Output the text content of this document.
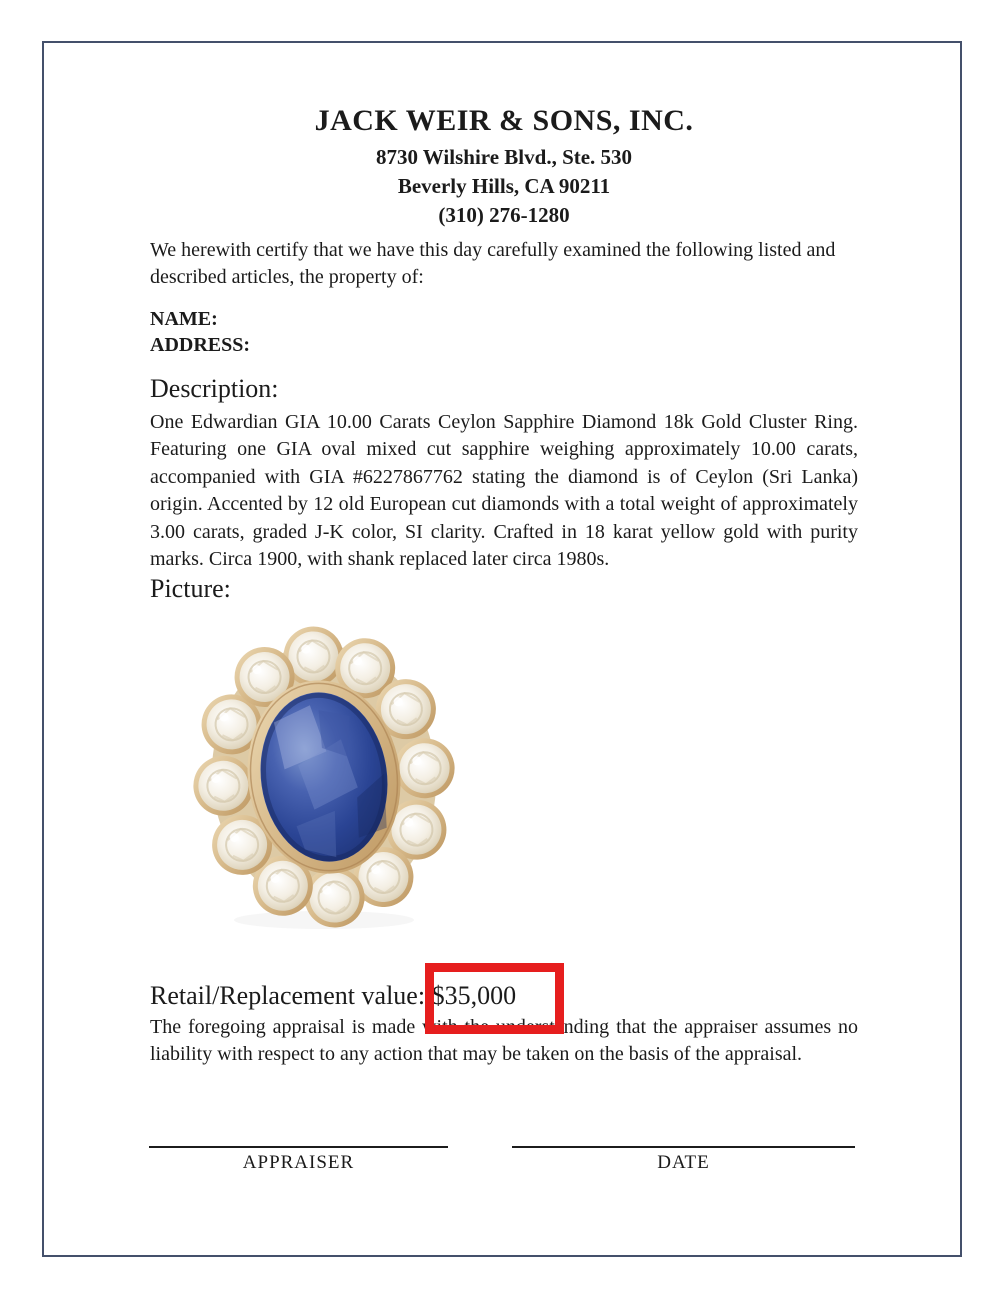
JACK WEIR & SONS, INC.
8730 Wilshire Blvd., Ste. 530
Beverly Hills, CA 90211
(310) 276-1280
We herewith certify that we have this day carefully examined the following listed and described articles, the property of:
NAME:
ADDRESS:
Description:
One Edwardian GIA 10.00 Carats Ceylon Sapphire Diamond 18k Gold Cluster Ring. Featuring one GIA oval mixed cut sapphire weighing approximately 10.00 carats, accompanied with GIA #6227867762 stating the diamond is of Ceylon (Sri Lanka) origin. Accented by 12 old European cut diamonds with a total weight of approximately 3.00 carats, graded J-K color, SI clarity. Crafted in 18 karat yellow gold with purity marks. Circa 1900, with shank replaced later circa 1980s.
Picture:
Retail/Replacement value: $35,000
The foregoing appraisal is made with the understanding that the appraiser assumes no liability with respect to any action that may be taken on the basis of the appraisal.
APPRAISER	DATE
